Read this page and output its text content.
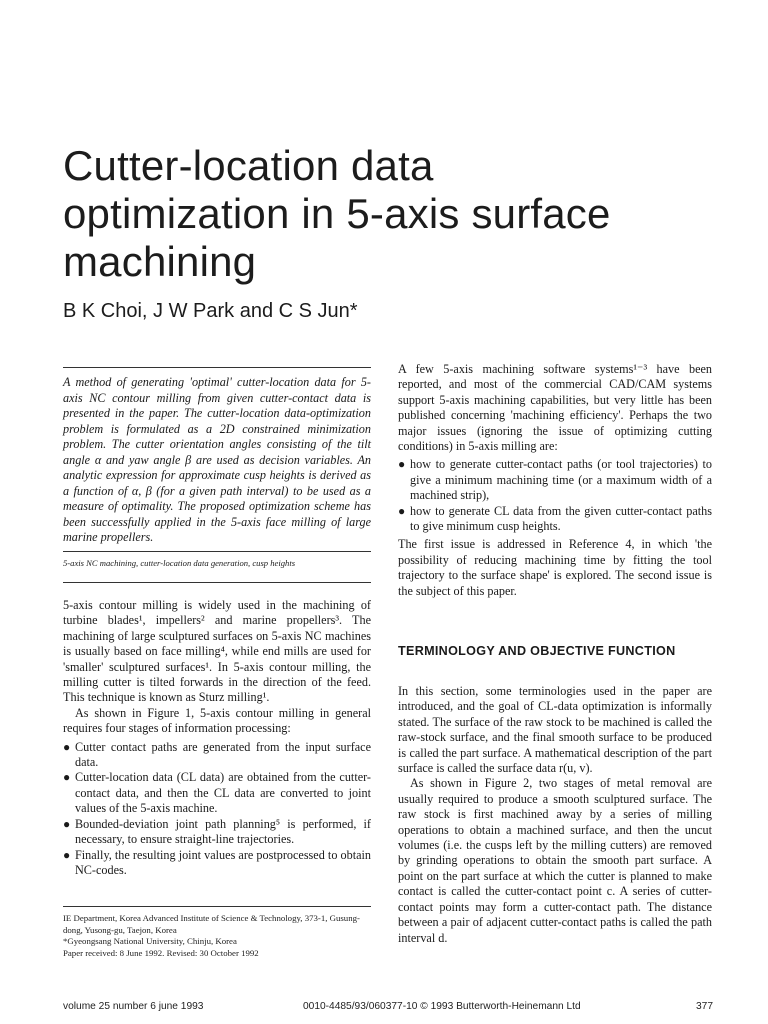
Cutter-location data
optimization in 5-axis surface
machining
B K Choi, J W Park and C S Jun*

A method of generating 'optimal' cutter-location data for 5-axis NC contour milling from given cutter-contact data is presented in the paper. The cutter-location data-optimization problem is formulated as a 2D constrained minimization problem. The cutter orientation angles consisting of the tilt angle α and yaw angle β are used as decision variables. An analytic expression for approximate cusp heights is derived as a function of α, β (for a given path interval) to be used as a measure of optimality. The proposed optimization scheme has been successfully applied in the 5-axis face milling of large marine propellers.

5-axis NC machining, cutter-location data generation, cusp heights

5-axis contour milling is widely used in the machining of turbine blades¹, impellers² and marine propellers³. The machining of large sculptured surfaces on 5-axis NC machines is usually based on face milling⁴, while end mills are used for 'smaller' sculptured surfaces¹. In 5-axis contour milling, the milling cutter is tilted forwards in the direction of the feed. This technique is known as Sturz milling¹.

As shown in Figure 1, 5-axis contour milling in general requires four stages of information processing:

● Cutter contact paths are generated from the input surface data.
● Cutter-location data (CL data) are obtained from the cutter-contact data, and then the CL data are converted to joint values of the 5-axis machine.
● Bounded-deviation joint path planning⁵ is performed, if necessary, to ensure straight-line trajectories.
● Finally, the resulting joint values are postprocessed to obtain NC-codes.

IE Department, Korea Advanced Institute of Science & Technology, 373-1, Gusung-dong, Yusong-gu, Taejon, Korea

*Gyeongsang National University, Chinju, Korea

Paper received: 8 June 1992. Revised: 30 October 1992

A few 5-axis machining software systems¹⁻³ have been reported, and most of the commercial CAD/CAM systems support 5-axis machining capabilities, but very little has been published concerning 'machining efficiency'. Perhaps the two major issues (ignoring the issue of optimizing cutting conditions) in 5-axis milling are:

● how to generate cutter-contact paths (or tool trajectories) to give a minimum machining time (or a maximum width of a machined strip),
● how to generate CL data from the given cutter-contact paths to give minimum cusp heights.

The first issue is addressed in Reference 4, in which 'the possibility of reducing machining time by fitting the tool trajectory to the surface shape' is explored. The second issue is the subject of this paper.

TERMINOLOGY AND OBJECTIVE FUNCTION

In this section, some terminologies used in the paper are introduced, and the goal of CL-data optimization is informally stated. The surface of the raw stock to be machined is called the raw-stock surface, and the final smooth surface to be produced is called the part surface. A mathematical description of the part surface is called the surface data r(u, v).

As shown in Figure 2, two stages of metal removal are usually required to produce a smooth sculptured surface. The raw stock is first machined away by a series of milling operations to obtain a machined surface, and then the uncut volumes (i.e. the cusps left by the milling cutters) are removed by grinding operations to obtain the smooth part surface. A point on the part surface at which the cutter is planned to make contact is called the cutter-contact point c. A series of cutter-contact points may form a cutter-contact path. The distance between a pair of adjacent cutter-contact paths is called the path interval d.

volume 25 number 6 june 1993	0010-4485/93/060377-10 © 1993 Butterworth-Heinemann Ltd	377
